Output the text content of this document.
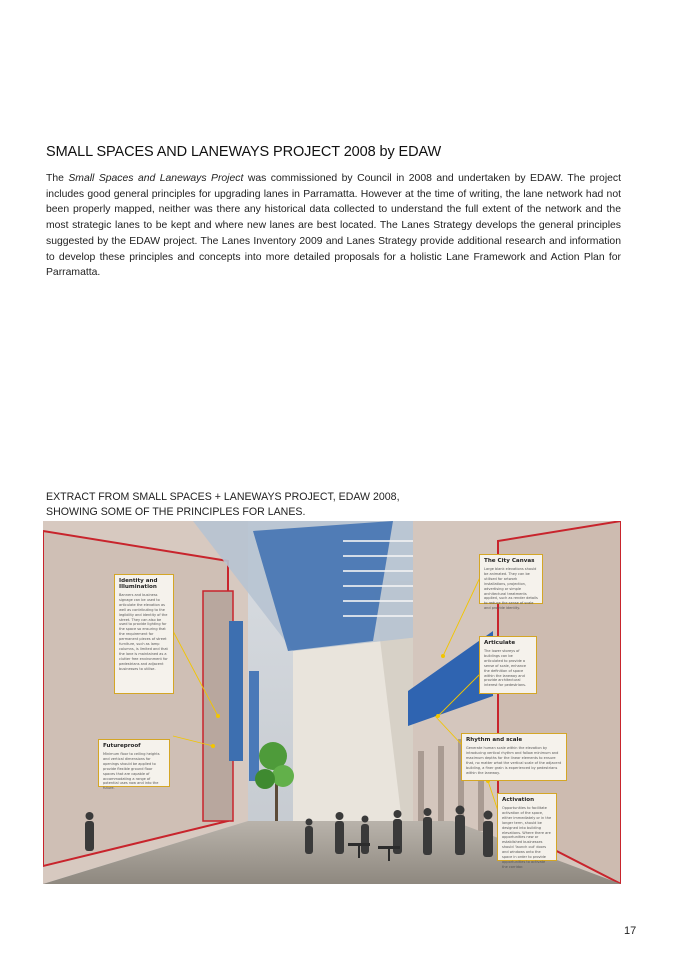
SMALL SPACES AND LANEWAYS PROJECT 2008 by EDAW

The Small Spaces and Laneways Project was commissioned by Council in 2008 and undertaken by EDAW. The project includes good general principles for upgrading lanes in Parramatta. However at the time of writing, the lane network had not been properly mapped, neither was there any historical data collected to understand the full extent of the network and the most strategic lanes to be kept and where new lanes are best located. The Lanes Strategy develops the general principles suggested by the EDAW project. The Lanes Inventory 2009 and Lanes Strategy provide additional research and information to develop these principles and concepts into more detailed proposals for a holistic Lane Framework and Action Plan for Parramatta.

EXTRACT FROM SMALL SPACES + LANEWAYS PROJECT, EDAW 2008,
SHOWING SOME OF THE PRINCIPLES FOR LANES.
Identity and Illumination
Banners and business signage can be used to articulate the elevation as well as contributing to the legibility and identity of the street. They can also be used to provide lighting for the space so ensuring that the requirement for permanent pieces of street furniture, such as lamp columns, is limited and that the lane is maintained as a clutter free environment for pedestrians and adjacent businesses to utilise.
The City Canvas
Large blank elevations should be animated. They can be utilised for artwork installations, projection, advertising or simple architectural treatments applied, such as render details to reduce the sense of scale and provide identity.
Articulate
The lower storeys of buildings can be articulated to provide a sense of scale, enhance the definition of space within the laneway and provide architectural interest for pedestrians.
Futureproof
Minimum floor to ceiling heights and vertical dimensions for openings should be applied to provide flexible ground floor spaces that are capable of accommodating a range of potential uses now and into the future.
Rhythm and scale
Generate human scale within the elevation by introducing vertical rhythm and fallow minimum and maximum depths for the linear elements to ensure that, no matter what the vertical scale of the adjacent building, a finer grain is experienced by pedestrians within the laneway.
Activation
Opportunities to facilitate activation of the space, either immediately or in the longer term, should be designed into building elevations. Where there are opportunities new or established businesses should 'launch out' doors and windows onto the space in order to provide opportunities to activate the corridor.
17
